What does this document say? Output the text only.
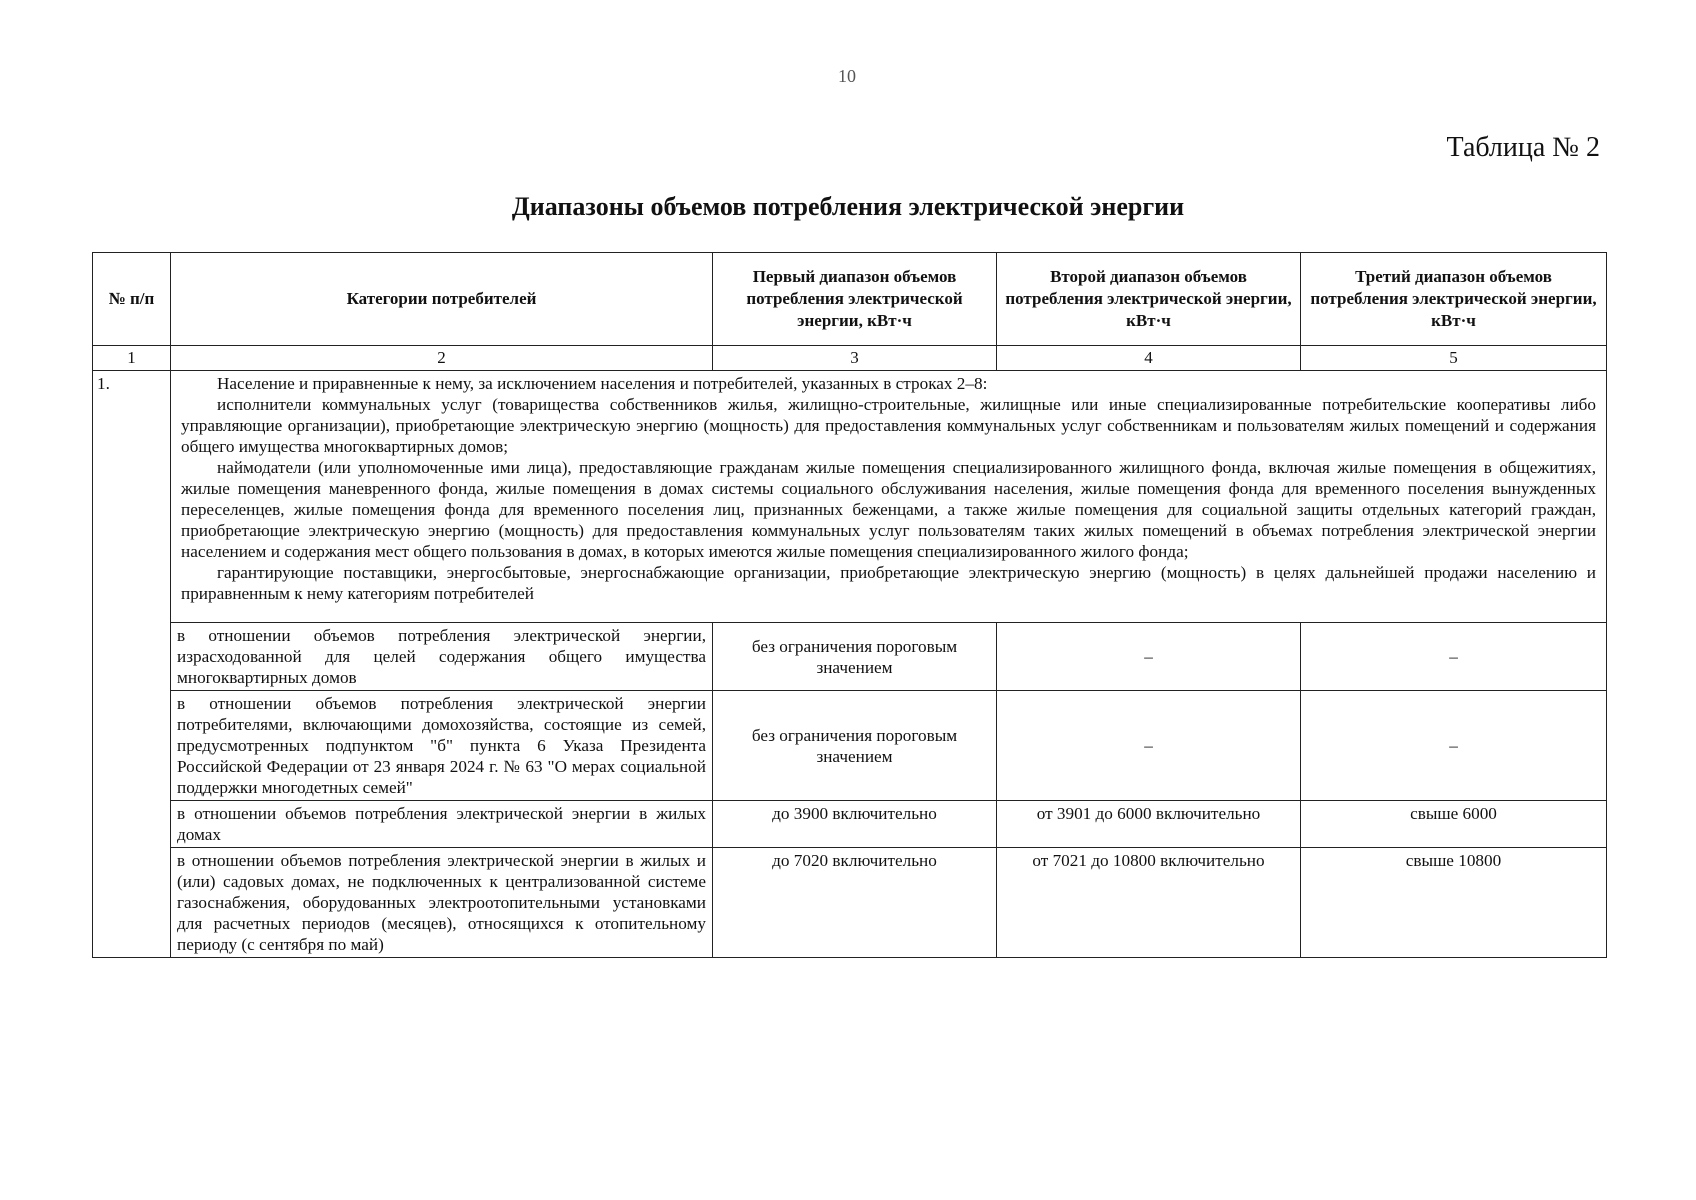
10
Таблица № 2
Диапазоны объемов потребления электрической энергии
№ п/п	Категории потребителей	Первый диапазон объемов потребления электрической энергии, кВт·ч	Второй диапазон объемов потребления электрической энергии, кВт·ч	Третий диапазон объемов потребления электрической энергии, кВт·ч
1	2	3	4	5
1.	Население и приравненные к нему, за исключением населения и потребителей, указанных в строках 2–8:

исполнители коммунальных услуг (товарищества собственников жилья, жилищно-строительные, жилищные или иные специализированные потребительские кооперативы либо управляющие организации), приобретающие электрическую энергию (мощность) для предоставления коммунальных услуг собственникам и пользователям жилых помещений и содержания общего имущества многоквартирных домов;

наймодатели (или уполномоченные ими лица), предоставляющие гражданам жилые помещения специализированного жилищного фонда, включая жилые помещения в общежитиях, жилые помещения маневренного фонда, жилые помещения в домах системы социального обслуживания населения, жилые помещения фонда для временного поселения вынужденных переселенцев, жилые помещения фонда для временного поселения лиц, признанных беженцами, а также жилые помещения для социальной защиты отдельных категорий граждан, приобретающие электрическую энергию (мощность) для предоставления коммунальных услуг пользователям таких жилых помещений в объемах потребления электрической энергии населением и содержания мест общего пользования в домах, в которых имеются жилые помещения специализированного жилого фонда;

гарантирующие поставщики, энергосбытовые, энергоснабжающие организации, приобретающие электрическую энергию (мощность) в целях дальнейшей продажи населению и приравненным к нему категориям потребителей			

	в отношении объемов потребления электрической энергии, израсходованной для целей содержания общего имущества многоквартирных домов	без ограничения пороговым значением	–	–
	в отношении объемов потребления электрической энергии потребителями, включающими домохозяйства, состоящие из семей, предусмотренных подпунктом "б" пункта 6 Указа Президента Российской Федерации от 23 января 2024 г. № 63 "О мерах социальной поддержки многодетных семей"	без ограничения пороговым значением	–	–
	в отношении объемов потребления электрической энергии в жилых домах	до 3900 включительно	от 3901 до 6000 включительно	свыше 6000
	в отношении объемов потребления электрической энергии в жилых и (или) садовых домах, не подключенных к централизованной системе газоснабжения, оборудованных электроотопительными установками для расчетных периодов (месяцев), относящихся к отопительному периоду (с сентября по май)	до 7020 включительно	от 7021 до 10800 включительно	свыше 10800
